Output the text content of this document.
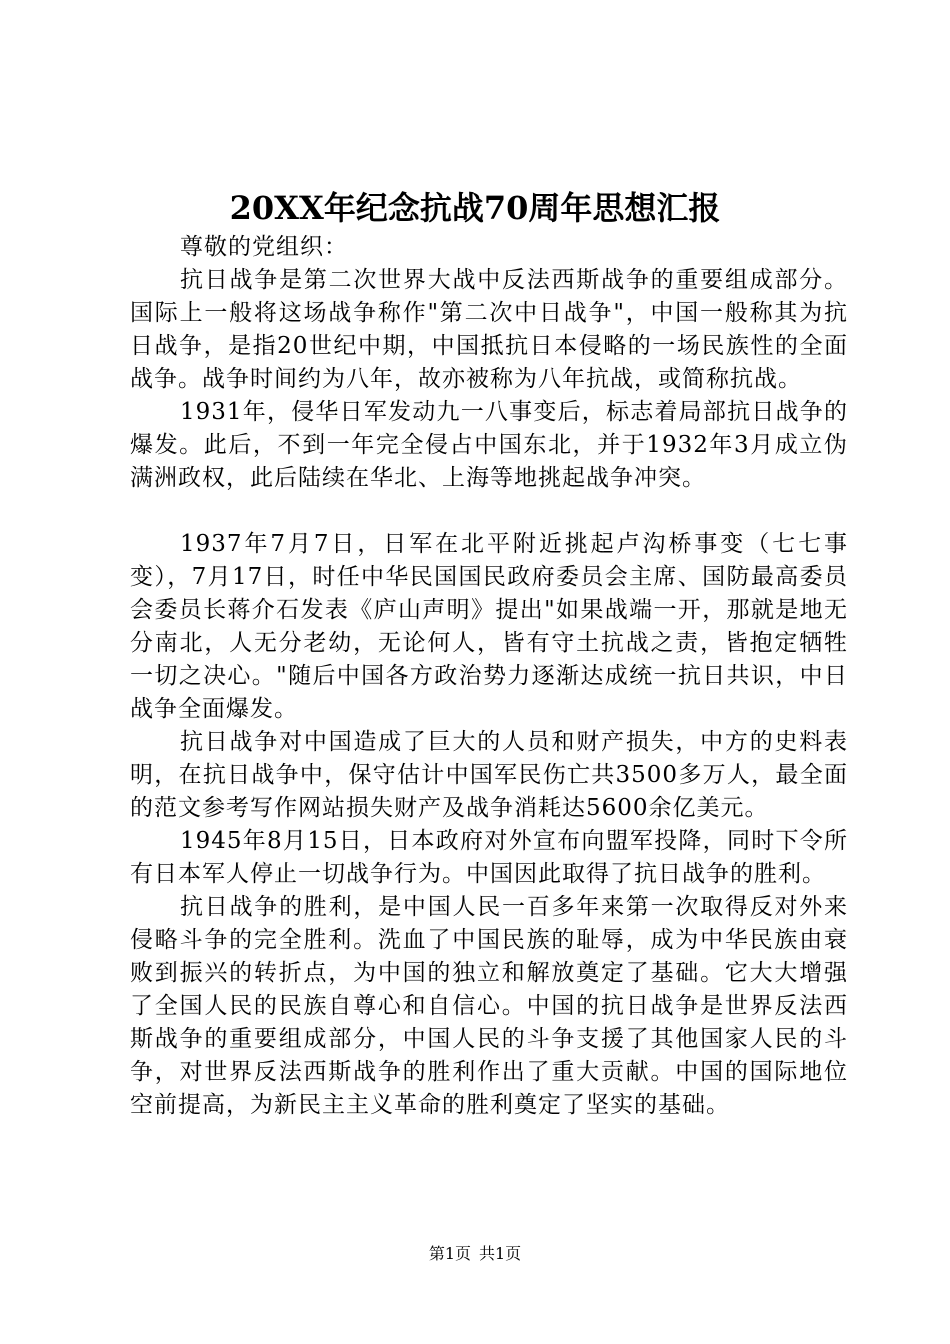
20XX年纪念抗战70周年思想汇报

尊敬的党组织：

抗日战争是第二次世界大战中反法西斯战争的重要组成部分。国际上一般将这场战争称作"第二次中日战争"，中国一般称其为抗日战争，是指20世纪中期，中国抵抗日本侵略的一场民族性的全面战争。战争时间约为八年，故亦被称为八年抗战，或简称抗战。

1931年，侵华日军发动九一八事变后，标志着局部抗日战争的爆发。此后，不到一年完全侵占中国东北，并于1932年3月成立伪满洲政权，此后陆续在华北、上海等地挑起战争冲突。

1937年7月7日，日军在北平附近挑起卢沟桥事变（七七事变），7月17日，时任中华民国国民政府委员会主席、国防最高委员会委员长蒋介石发表《庐山声明》提出"如果战端一开，那就是地无分南北，人无分老幼，无论何人，皆有守土抗战之责，皆抱定牺牲一切之决心。"随后中国各方政治势力逐渐达成统一抗日共识，中日战争全面爆发。

抗日战争对中国造成了巨大的人员和财产损失，中方的史料表明，在抗日战争中，保守估计中国军民伤亡共3500多万人，最全面的范文参考写作网站损失财产及战争消耗达5600余亿美元。

1945年8月15日，日本政府对外宣布向盟军投降，同时下令所有日本军人停止一切战争行为。中国因此取得了抗日战争的胜利。

抗日战争的胜利，是中国人民一百多年来第一次取得反对外来侵略斗争的完全胜利。洗血了中国民族的耻辱，成为中华民族由衰败到振兴的转折点，为中国的独立和解放奠定了基础。它大大增强了全国人民的民族自尊心和自信心。中国的抗日战争是世界反法西斯战争的重要组成部分，中国人民的斗争支援了其他国家人民的斗争，对世界反法西斯战争的胜利作出了重大贡献。中国的国际地位空前提高，为新民主主义革命的胜利奠定了坚实的基础。

第1页 共1页
